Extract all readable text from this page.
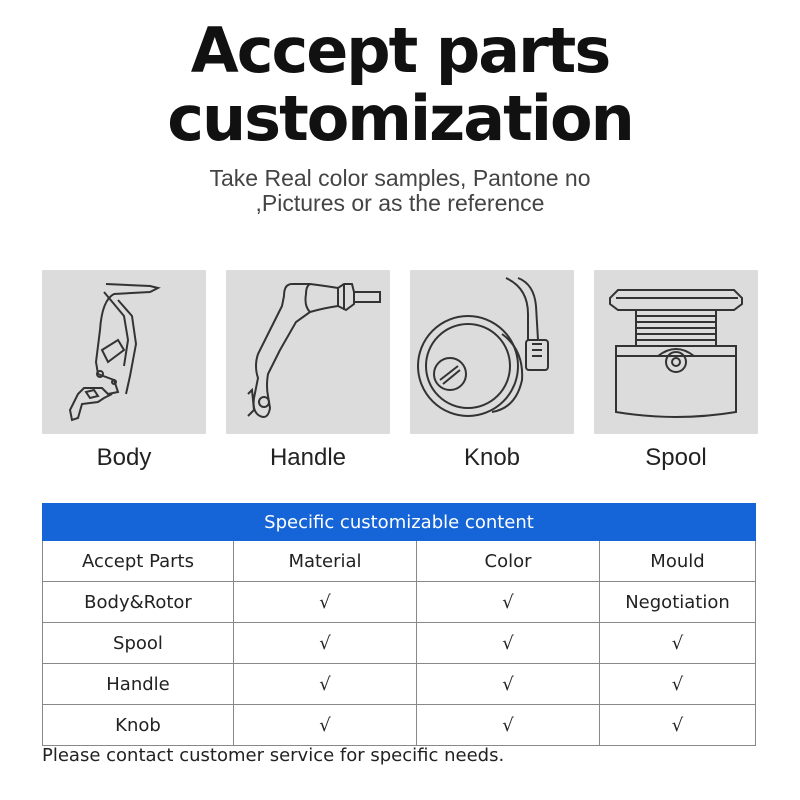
Accept parts
customization
Take Real color samples, Pantone no
,Pictures or as the reference
Body	Handle	Knob	Spool
Specific customizable content			
Accept Parts	Material	Color	Mould
Body&Rotor	√	√	Negotiation
Spool	√	√	√
Handle	√	√	√
Knob	√	√	√
Please contact customer service for specific needs.
